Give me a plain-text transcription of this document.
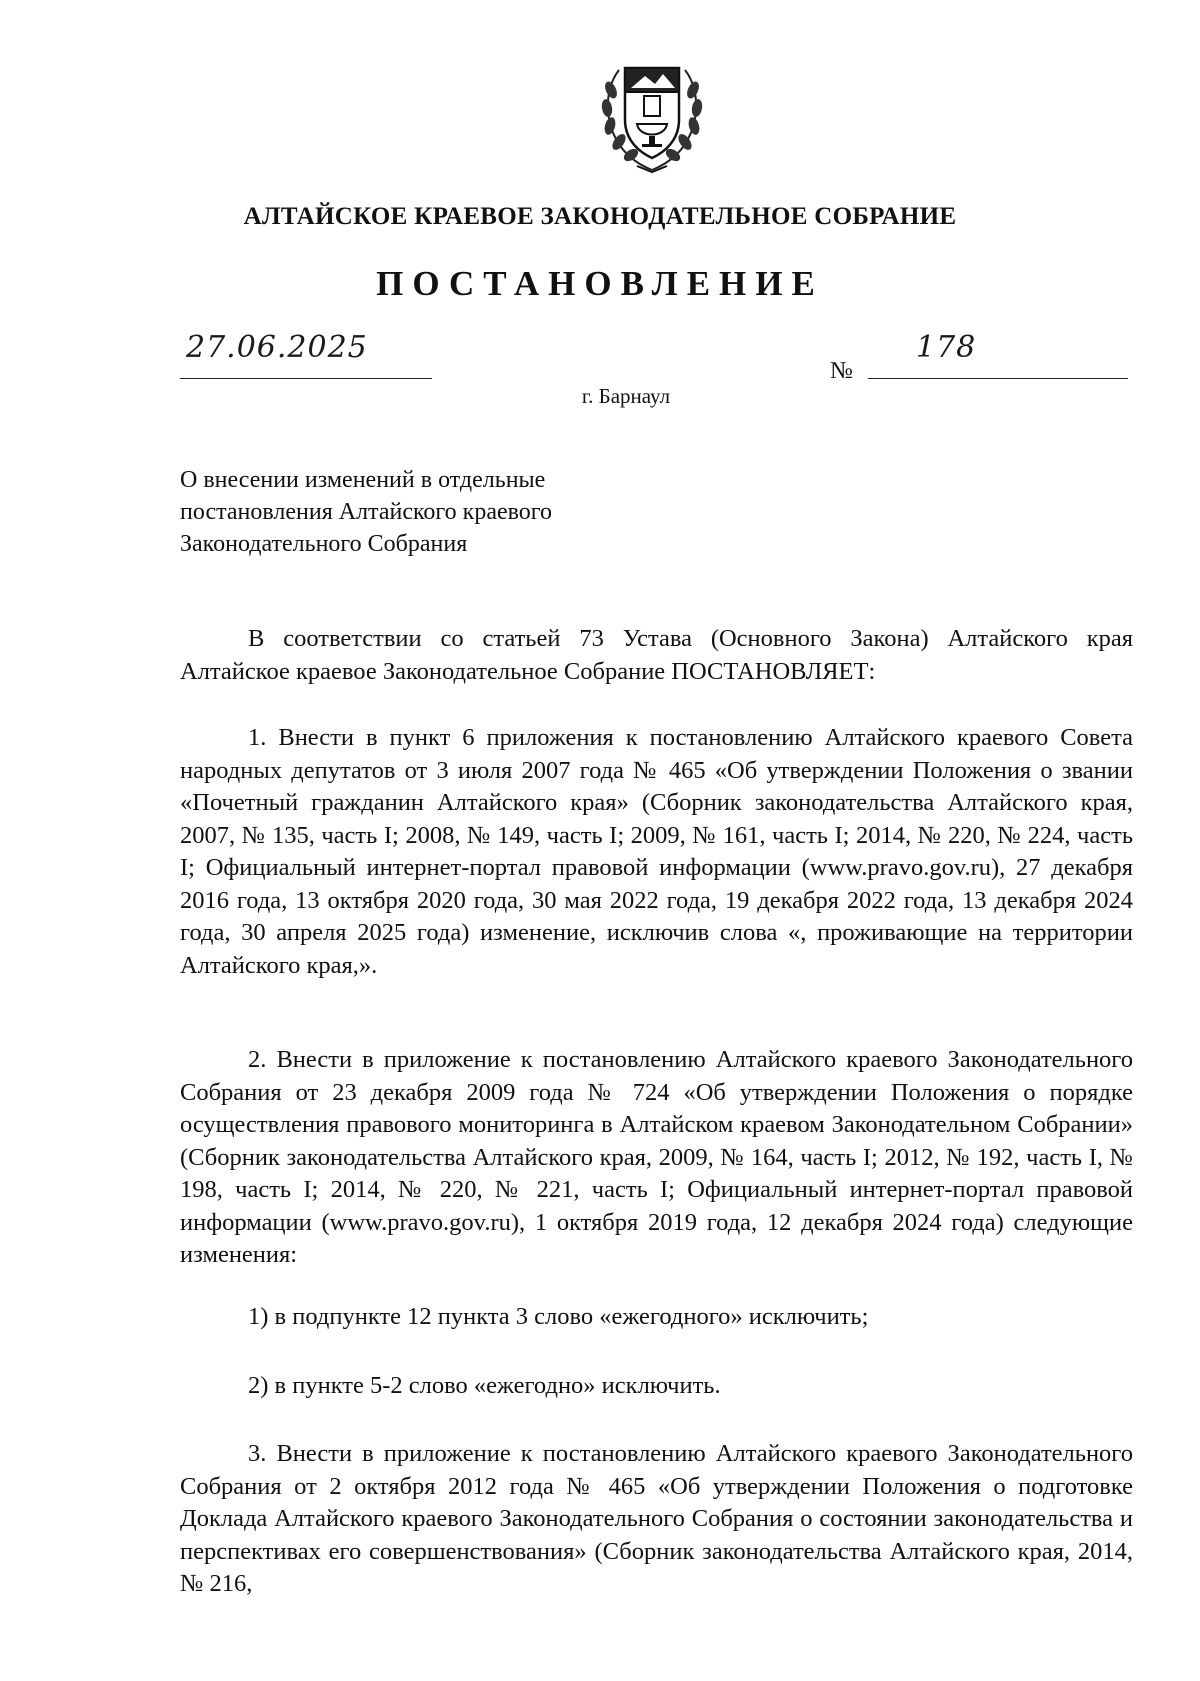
АЛТАЙСКОЕ КРАЕВОЕ ЗАКОНОДАТЕЛЬНОЕ СОБРАНИЕ
ПОСТАНОВЛЕНИЕ
27.06.2025
№
178
г. Барнаул
О внесении изменений в отдельные постановления Алтайского краевого Законодательного Собрания
В соответствии со статьей 73 Устава (Основного Закона) Алтайского края Алтайское краевое Законодательное Собрание ПОСТАНОВЛЯЕТ:
1. Внести в пункт 6 приложения к постановлению Алтайского краевого Совета народных депутатов от 3 июля 2007 года № 465 «Об утверждении Положения о звании «Почетный гражданин Алтайского края» (Сборник законодательства Алтайского края, 2007, № 135, часть I; 2008, № 149, часть I; 2009, № 161, часть I; 2014, № 220, № 224, часть I; Официальный интернет-портал правовой информации (www.pravo.gov.ru), 27 декабря 2016 года, 13 октября 2020 года, 30 мая 2022 года, 19 декабря 2022 года, 13 декабря 2024 года, 30 апреля 2025 года) изменение, исключив слова «, проживающие на территории Алтайского края,».
2. Внести в приложение к постановлению Алтайского краевого Законодательного Собрания от 23 декабря 2009 года № 724 «Об утверждении Положения о порядке осуществления правового мониторинга в Алтайском краевом Законодательном Собрании» (Сборник законодательства Алтайского края, 2009, № 164, часть I; 2012, № 192, часть I, № 198, часть I; 2014, № 220, № 221, часть I; Официальный интернет-портал правовой информации (www.pravo.gov.ru), 1 октября 2019 года, 12 декабря 2024 года) следующие изменения:
1) в подпункте 12 пункта 3 слово «ежегодного» исключить;
2) в пункте 5-2 слово «ежегодно» исключить.
3. Внести в приложение к постановлению Алтайского краевого Законодательного Собрания от 2 октября 2012 года № 465 «Об утверждении Положения о подготовке Доклада Алтайского краевого Законодательного Собрания о состоянии законодательства и перспективах его совершенствования» (Сборник законодательства Алтайского края, 2014, № 216,
